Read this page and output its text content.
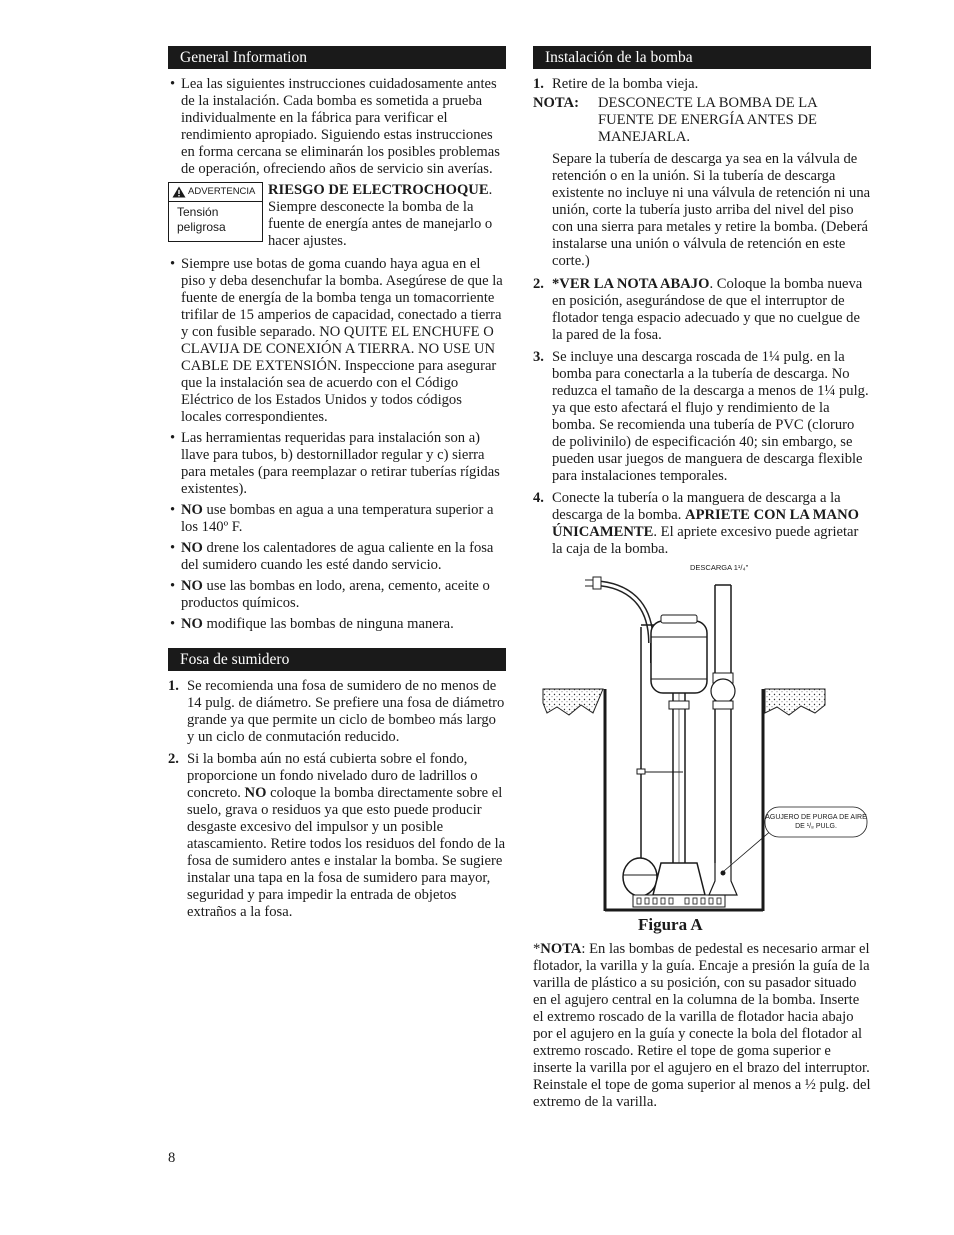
General Information
• Lea las siguientes instrucciones cuidadosamente antes de la instalación. Cada bomba es sometida a prueba individualmente en la fábrica para verificar el rendimiento apropiado. Siguiendo estas instrucciones en forma cercana se eliminarán los posibles problemas de operación, ofreciendo años de servicio sin averías.
ADVERTENCIA
Tensión peligrosa
RIESGO DE ELECTROCHOQUE. Siempre desconecte la bomba de la fuente de energía antes de manejarlo o hacer ajustes.
• Siempre use botas de goma cuando haya agua en el piso y deba desenchufar la bomba. Asegúrese de que la fuente de energía de la bomba tenga un tomacorriente trifilar de 15 amperios de capacidad, conectado a tierra y con fusible separado. NO QUITE EL ENCHUFE O CLAVIJA DE CONEXIÓN A TIERRA. NO USE UN CABLE DE EXTENSIÓN. Inspeccione para asegurar que la instalación sea de acuerdo con el Código Eléctrico de los Estados Unidos y todos códigos locales correspondientes.
• Las herramientas requeridas para instalación son a) llave para tubos, b) destornillador regular y c) sierra para metales (para reemplazar o retirar tuberías rígidas existentes).
• NO use bombas en agua a una temperatura superior a los 140º F.
• NO drene los calentadores de agua caliente en la fosa del sumidero cuando les esté dando servicio.
• NO use las bombas en lodo, arena, cemento, aceite o productos químicos.
• NO modifique las bombas de ninguna manera.
Fosa de sumidero
1. Se recomienda una fosa de sumidero de no menos de 14 pulg. de diámetro. Se prefiere una fosa de diámetro grande ya que permite un ciclo de bombeo más largo y un ciclo de conmutación reducido.
2. Si la bomba aún no está cubierta sobre el fondo, proporcione un fondo nivelado duro de ladrillos o concreto. NO coloque la bomba directamente sobre el suelo, grava o residuos ya que esto puede producir desgaste excesivo del impulsor y un posible atascamiento. Retire todos los residuos del fondo de la fosa de sumidero antes e instalar la bomba. Se sugiere instalar una tapa en la fosa de sumidero para mayor, seguridad y para impedir la entrada de objetos extraños a la fosa.
Instalación de la bomba
1. Retire de la bomba vieja.
NOTA:	DESCONECTE LA BOMBA DE LA FUENTE DE ENERGÍA ANTES DE MANEJARLA.

Separe la tubería de descarga ya sea en la válvula de retención o en la unión. Si la tubería de descarga existente no incluye ni una válvula de retención ni una unión, corte la tubería justo arriba del nivel del piso con una sierra para metales y retire la bomba. (Deberá instalarse una unión o válvula de retención en este corte.)

2. *VER LA NOTA ABAJO. Coloque la bomba nueva en posición, asegurándose de que el interruptor de flotador tenga espacio adecuado y que no cuelgue de la pared de la fosa.
3. Se incluye una descarga roscada de 1¼ pulg. en la bomba para conectarla a la tubería de descarga. No reduzca el tamaño de la descarga a menos de 1¼ pulg. ya que esto afectará el flujo y rendimiento de la bomba. Se recomienda una tubería de PVC (cloruro de polivinilo) de especificación 40; sin embargo, se pueden usar juegos de manguera de descarga flexible para instalaciones temporales.
4. Conecte la tubería o la manguera de descarga a la descarga de la bomba. APRIETE CON LA MANO ÚNICAMENTE. El apriete excesivo puede agrietar la caja de la bomba.
DESCARGA 1¹/₄"
AGUJERO DE PURGA DE AIRE DE ¹/₈ PULG.
Figura A

*NOTA: En las bombas de pedestal es necesario armar el flotador, la varilla y la guía. Encaje a presión la guía de la varilla de plástico a su posición, con su pasador situado en el agujero central en la columna de la bomba. Inserte el extremo roscado de la varilla de flotador hacia abajo por el agujero en la guía y conecte la bola del flotador al extremo roscado. Retire el tope de goma superior e inserte la varilla por el agujero en el brazo del interruptor. Reinstale el tope de goma superior al menos a ½ pulg. del extremo de la varilla.

8
